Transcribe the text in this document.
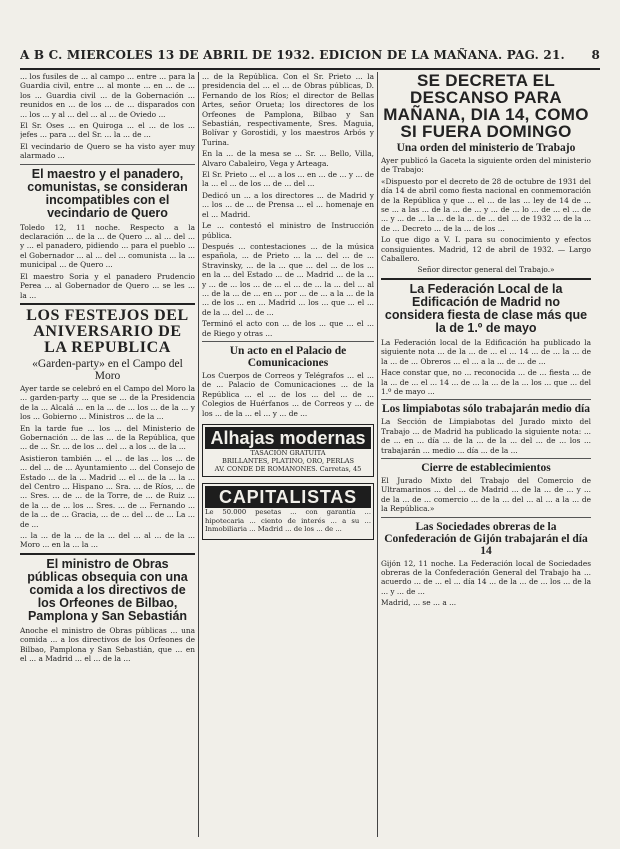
A B C. MIERCOLES 13 DE ABRIL DE 1932. EDICION DE LA MAÑANA. PAG. 21. 8

... los fusiles de ... al campo ... entre ... para la Guardia civil, entre ... al monte ... en ... de ... los ... Guardia civil ... de la Gobernación ... reunidos en ... de los ... de ... disparados con ... los ... y al ... del ... al ... de Oviedo ...

El Sr. Oses ... en Quiroga ... el ... de los ... jefes ... para ... del Sr. ... la ... de ...

El vecindario de Quero se ha visto ayer muy alarmado ...

El maestro y el panadero, comunistas, se consideran incompatibles con el vecindario de Quero

Toledo 12, 11 noche. Respecto a la declaración ... de la ... de Quero ... al ... del ... y ... el panadero, pidiendo ... para el pueblo ... el Gobernador ... al ... del ... comunista ... la ... municipal ... de Quero ...

El maestro Soria y el panadero Prudencio Perea ... al Gobernador de Quero ... se les ... la ...

LOS FESTEJOS DEL ANIVERSARIO DE LA REPUBLICA
«Garden-party» en el Campo del Moro

Ayer tarde se celebró en el Campo del Moro la ... garden-party ... que se ... de la Presidencia de la ... Alcalá ... en la ... de ... los ... de la ... y los ... Gobierno ... Ministros ... de la ...

En la tarde fue ... los ... del Ministerio de Gobernación ... de las ... de la República, que ... de ... Sr. ... de los ... del ... a los ... de la ...

Asistieron también ... el ... de las ... los ... de ... del ... de ... Ayuntamiento ... del Consejo de Estado ... de la ... Madrid ... el ... de la ... la ... del Centro ... Hispano ... Sra. ... de Ríos, ... de ... Sres. ... de ... de la Torre, de ... de Ruiz ... de la ... de ... los ... Sres. ... de ... Fernando ... de la ... de ... Gracia, ... de ... del ... de ... La ... de ...

... la ... de la ... de la ... del ... al ... de la ... Moro ... en la ... la ...

El ministro de Obras públicas obsequia con una comida a los directivos de los Orfeones de Bilbao, Pamplona y San Sebastián

Anoche el ministro de Obras públicas ... una comida ... a los directivos de los Orfeones de Bilbao, Pamplona y San Sebastián, que ... en el ... a Madrid ... el ... de la ...

... de la República. Con el Sr. Prieto ... la presidencia del ... el ... de Obras públicas, D. Fernando de los Ríos; el director de Bellas Artes, señor Orueta; los directores de los Orfeones de Pamplona, Bilbao y San Sebastián, respectivamente, Sres. Maguia, Bolívar y Gorostidi, y los maestros Arbós y Turina.

En la ... de la mesa se ... Sr. ... Bello, Villa, Alvaro Cabaleiro, Vega y Arteaga.

El Sr. Prieto ... el ... a los ... en ... de ... y ... de la ... el ... de los ... de ... del ...

Dedicó un ... a los directores ... de Madrid y ... los ... de ... de Prensa ... el ... homenaje en el ... Madrid.

Le ... contestó el ministro de Instrucción pública.

Después ... contestaciones ... de la música española, ... de Prieto ... la ... del ... de ... Stravinsky, ... de la ... que ... del ... de los ... en la ... del Estado ... de ... Madrid ... de la ... y ... de ... los ... de ... el ... de ... la ... del ... al ... de la ... de ... en ... por ... de ... a la ... de la ... de los ... en ... Madrid ... los ... que ... el ... de la ... del ... de ...

Terminó el acto con ... de los ... que ... el ... de Riego y otras ...

Un acto en el Palacio de Comunicaciones

Los Cuerpos de Correos y Telégrafos ... el ... de ... Palacio de Comunicaciones ... de la República ... el ... de los ... del ... de ... Colegios de Huérfanos ... de Correos y ... de los ... de la ... el ... y ... de ...

Alhajas modernas
TASACIÓN GRATUITA
BRILLANTES, PLATINO, ORO, PERLAS
AV. CONDE DE ROMANONES. Carretas, 45
CAPITALISTAS

Le 50.000 pesetas ... con garantía ... hipotecaria ... ciento de interés ... a su ... Inmobiliaria ... Madrid ... de los ... de ...

SE DECRETA EL DESCANSO PARA MAÑANA, DIA 14, COMO SI FUERA DOMINGO
Una orden del ministerio de Trabajo

Ayer publicó la Gaceta la siguiente orden del ministerio de Trabajo:

«Dispuesto por el decreto de 28 de octubre de 1931 del día 14 de abril como fiesta nacional en conmemoración de la República y que ... el ... de las ... ley de 14 de ... se ... a las ... de la ... de ... y ... de ... lo ... de ... el ... de ... y ... de ... la ... de la ... de ... del ... de 1932 ... de la ... de ... Decreto ... de la ... de los ...

Lo que digo a V. I. para su conocimiento y efectos consiguientes. Madrid, 12 de abril de 1932. — Largo Caballero.

Señor director general del Trabajo.»

La Federación Local de la Edificación de Madrid no considera fiesta de clase más que la de 1.º de mayo

La Federación local de la Edificación ha publicado la siguiente nota ... de la ... de ... el ... 14 ... de ... la ... de la ... de ... Obreros ... el ... a la ... de ... de ...

Hace constar que, no ... reconocida ... de ... fiesta ... de la ... de ... el ... 14 ... de ... la ... de la ... los ... que ... del 1.º de mayo ...

Los limpiabotas sólo trabajarán medio día

La Sección de Limpiabotas del Jurado mixto del Trabajo ... de Madrid ha publicado la siguiente nota: ... de ... en ... día ... de la ... de la ... del ... de ... los ... trabajarán ... medio ... día ... de la ...

Cierre de establecimientos

El Jurado Mixto del Trabajo del Comercio de Ultramarinos ... del ... de Madrid ... de la ... de ... y ... de la ... de ... comercio ... de la ... del ... al ... a la ... de la República.»

Las Sociedades obreras de la Confederación de Gijón trabajarán el día 14

Gijón 12, 11 noche. La Federación local de Sociedades obreras de la Confederación General del Trabajo ha ... acuerdo ... de ... el ... día 14 ... de la ... de ... los ... de la ... y ... de ...

Madrid, ... se ... a ...
